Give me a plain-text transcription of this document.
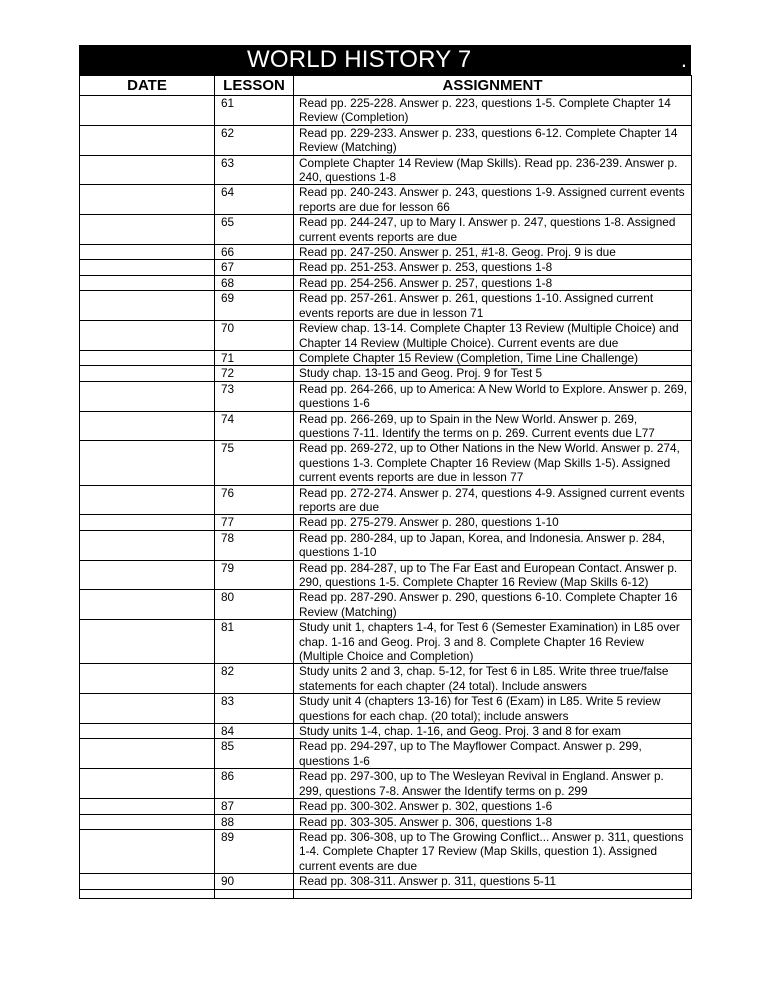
WORLD HISTORY 7	.
DATE	LESSON	ASSIGNMENT
	61	Read pp. 225-228. Answer p. 223, questions 1-5. Complete Chapter 14 Review (Completion)
	62	Read pp. 229-233. Answer p. 233, questions 6-12. Complete Chapter 14 Review (Matching)
	63	Complete Chapter 14 Review (Map Skills). Read pp. 236-239. Answer p. 240, questions 1-8
	64	Read pp. 240-243. Answer p. 243, questions 1-9. Assigned current events reports are due for lesson 66
	65	Read pp. 244-247, up to Mary I. Answer p. 247, questions 1-8. Assigned current events reports are due
	66	Read pp. 247-250. Answer p. 251, #1-8. Geog. Proj. 9 is due
	67	Read pp. 251-253. Answer p. 253, questions 1-8
	68	Read pp. 254-256. Answer p. 257, questions 1-8
	69	Read pp. 257-261. Answer p. 261, questions 1-10. Assigned current events reports are due in lesson 71
	70	Review chap. 13-14. Complete Chapter 13 Review (Multiple Choice) and Chapter 14 Review (Multiple Choice). Current events are due
	71	Complete Chapter 15 Review (Completion, Time Line Challenge)
	72	Study chap. 13-15 and Geog. Proj. 9 for Test 5
	73	Read pp. 264-266, up to America: A New World to Explore. Answer p. 269, questions 1-6
	74	Read pp. 266-269, up to Spain in the New World. Answer p. 269, questions 7-11. Identify the terms on p. 269. Current events due L77
	75	Read pp. 269-272, up to Other Nations in the New World. Answer p. 274, questions 1-3. Complete Chapter 16 Review (Map Skills 1-5). Assigned current events reports are due in lesson 77
	76	Read pp. 272-274. Answer p. 274, questions 4-9. Assigned current events reports are due
	77	Read pp. 275-279. Answer p. 280, questions 1-10
	78	Read pp. 280-284, up to Japan, Korea, and Indonesia. Answer p. 284, questions 1-10
	79	Read pp. 284-287, up to The Far East and European Contact. Answer p. 290, questions 1-5. Complete Chapter 16 Review (Map Skills 6-12)
	80	Read pp. 287-290. Answer p. 290, questions 6-10. Complete Chapter 16 Review (Matching)
	81	Study unit 1, chapters 1-4, for Test 6 (Semester Examination) in L85 over chap. 1-16 and Geog. Proj. 3 and 8. Complete Chapter 16 Review (Multiple Choice and Completion)
	82	Study units 2 and 3, chap. 5-12, for Test 6 in L85. Write three true/false statements for each chapter (24 total). Include answers
	83	Study unit 4 (chapters 13-16) for Test 6 (Exam) in L85. Write 5 review questions for each chap. (20 total); include answers
	84	Study units 1-4, chap. 1-16, and Geog. Proj. 3 and 8 for exam
	85	Read pp. 294-297, up to The Mayflower Compact. Answer p. 299, questions 1-6
	86	Read pp. 297-300, up to The Wesleyan Revival in England. Answer p. 299, questions 7-8. Answer the Identify terms on p. 299
	87	Read pp. 300-302. Answer p. 302, questions 1-6
	88	Read pp. 303-305. Answer p. 306, questions 1-8
	89	Read pp. 306-308, up to The Growing Conflict... Answer p. 311, questions 1-4. Complete Chapter 17 Review (Map Skills, question 1). Assigned current events are due
	90	Read pp. 308-311. Answer p. 311, questions 5-11
